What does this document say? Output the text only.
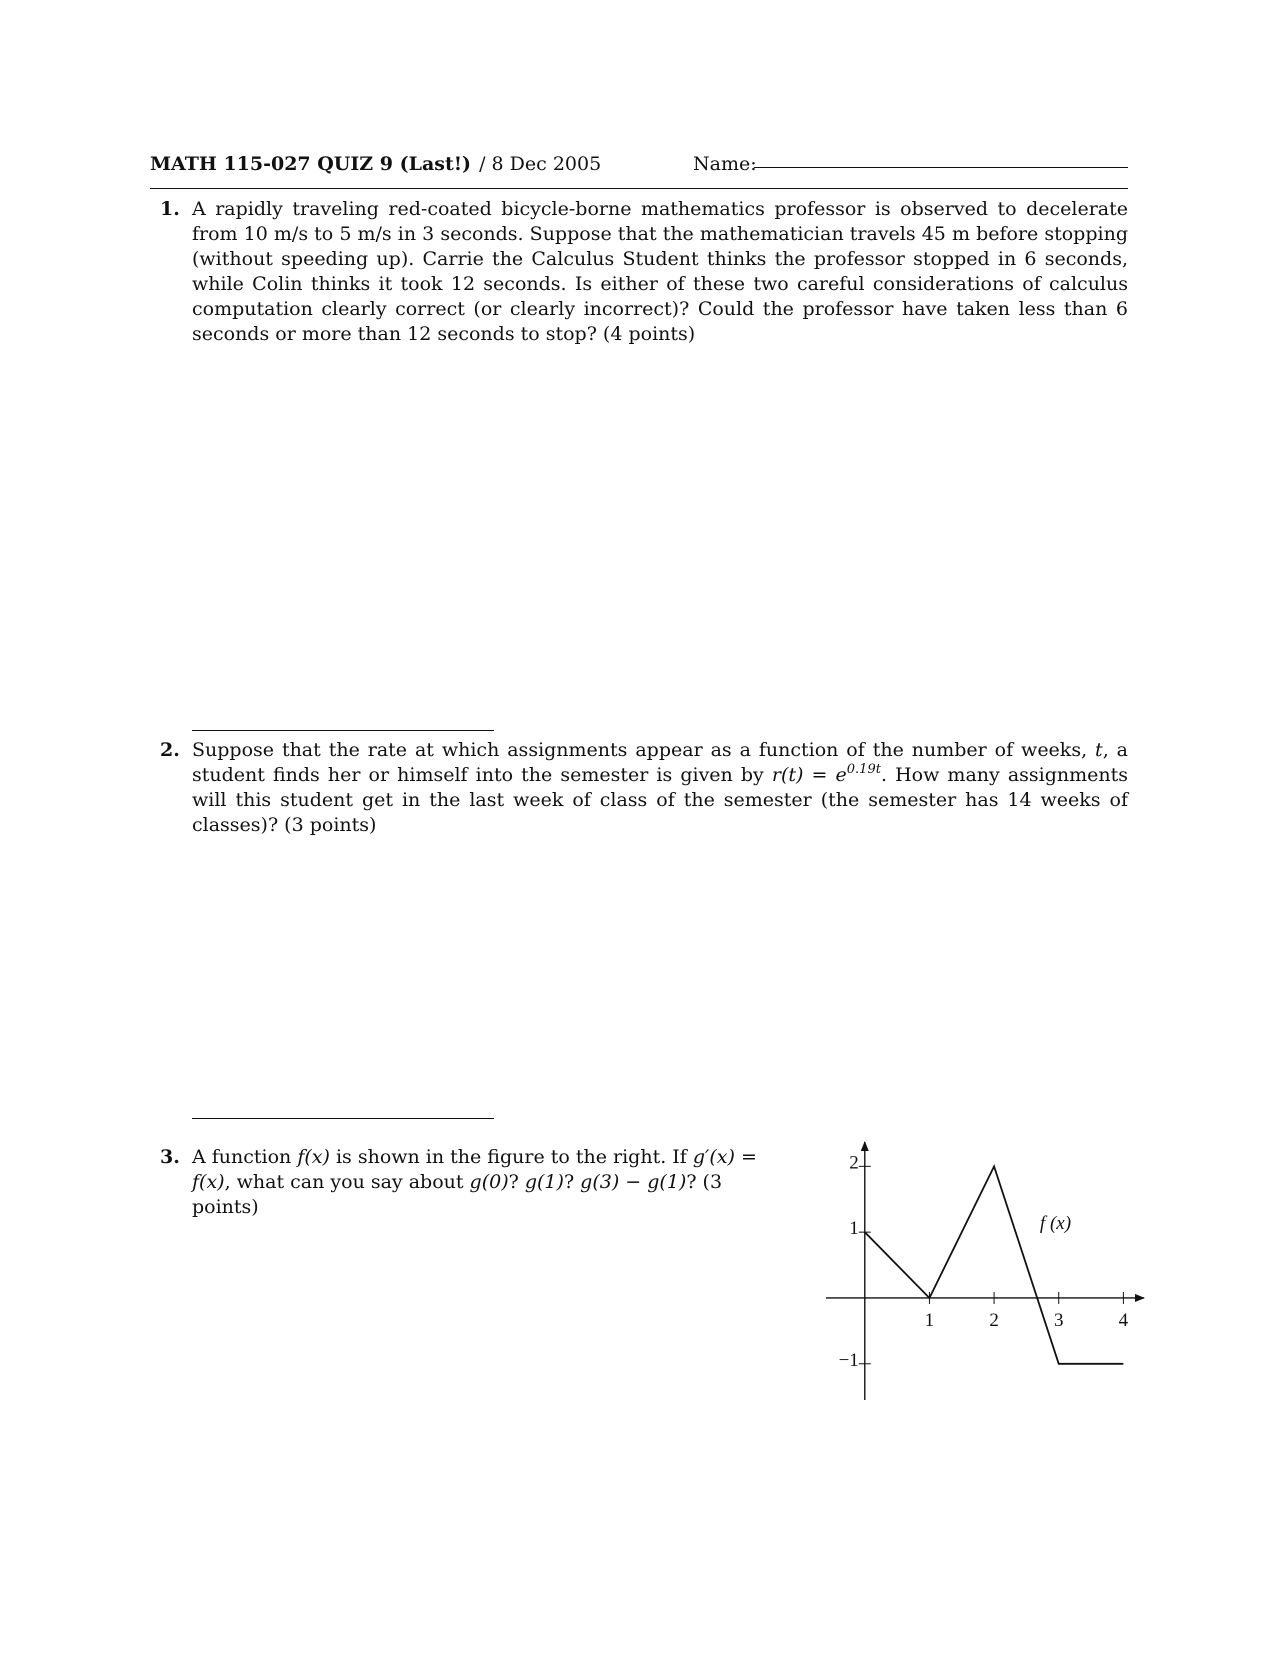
MATH 115-027 QUIZ 9 (Last!) / 8 Dec 2005	Name:
1. A rapidly traveling red-coated bicycle-borne mathematics professor is observed to decelerate from 10 m/s to 5 m/s in 3 seconds. Suppose that the mathematician travels 45 m before stopping (without speeding up). Carrie the Calculus Student thinks the professor stopped in 6 seconds, while Colin thinks it took 12 seconds. Is either of these two careful considerations of calculus computation clearly correct (or clearly incorrect)? Could the professor have taken less than 6 seconds or more than 12 seconds to stop? (4 points)
2. Suppose that the rate at which assignments appear as a function of the number of weeks, t, a student finds her or himself into the semester is given by $r(t) = e^{0.19t}$. How many assignments will this student get in the last week of class of the semester (the semester has 14 weeks of classes)? (3 points)
3. A function f(x) is shown in the figure to the right. If g′(x) = f(x), what can you say about g(0)? g(1)? g(3) − g(1)? (3 points)
1	2	3	4
2
1
−1
f (x)
